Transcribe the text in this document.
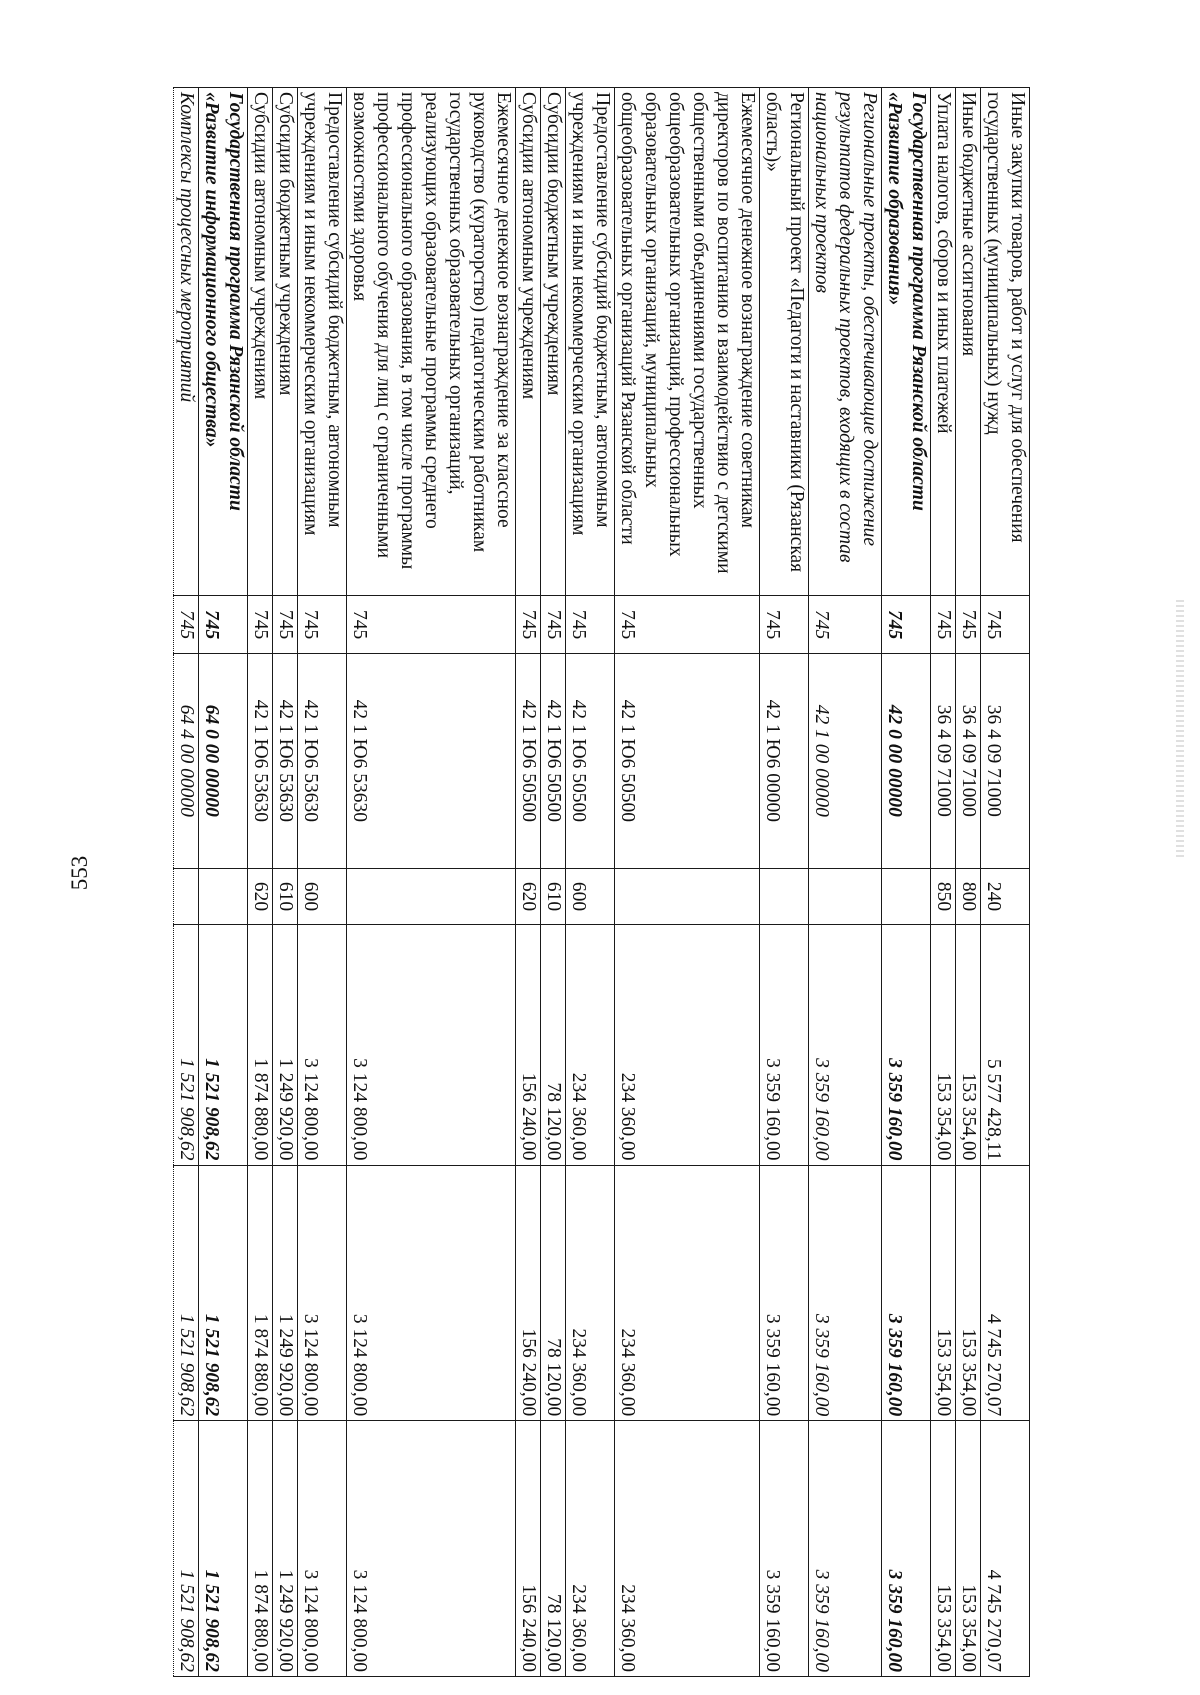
553
Иные закупки товаров, работ и услуг для обеспечения государственных (муниципальных) нужд	745	36 4 09 71000	240	5 577 428,11	4 745 270,07	4 745 270,07
Иные бюджетные ассигнования	745	36 4 09 71000	800	153 354,00	153 354,00	153 354,00
Уплата налогов, сборов и иных платежей	745	36 4 09 71000	850	153 354,00	153 354,00	153 354,00
Государственная программа Рязанской области «Развитие образования»	745	42 0 00 00000		3 359 160,00	3 359 160,00	3 359 160,00
Региональные проекты, обеспечивающие достижение результатов федеральных проектов, входящих в состав национальных проектов	745	42 1 00 00000		3 359 160,00	3 359 160,00	3 359 160,00
Региональный проект «Педагоги и наставники (Рязанская область)»	745	42 1 Ю6 00000		3 359 160,00	3 359 160,00	3 359 160,00
Ежемесячное денежное вознаграждение советникам директоров по воспитанию и взаимодействию с детскими общественными объединениями государственных общеобразовательных организаций, профессиональных образовательных организаций, муниципальных общеобразовательных организаций Рязанской области	745	42 1 Ю6 50500		234 360,00	234 360,00	234 360,00
Предоставление субсидий бюджетным, автономным учреждениям и иным некоммерческим организациям	745	42 1 Ю6 50500	600	234 360,00	234 360,00	234 360,00
Субсидии бюджетным учреждениям	745	42 1 Ю6 50500	610	78 120,00	78 120,00	78 120,00
Субсидии автономным учреждениям	745	42 1 Ю6 50500	620	156 240,00	156 240,00	156 240,00
Ежемесячное денежное вознаграждение за классное руководство (кураторство) педагогическим работникам государственных образовательных организаций, реализующих образовательные программы среднего профессионального образования, в том числе программы профессионального обучения для лиц с ограниченными возможностями здоровья	745	42 1 Ю6 53630		3 124 800,00	3 124 800,00	3 124 800,00
Предоставление субсидий бюджетным, автономным учреждениям и иным некоммерческим организациям	745	42 1 Ю6 53630	600	3 124 800,00	3 124 800,00	3 124 800,00
Субсидии бюджетным учреждениям	745	42 1 Ю6 53630	610	1 249 920,00	1 249 920,00	1 249 920,00
Субсидии автономным учреждениям	745	42 1 Ю6 53630	620	1 874 880,00	1 874 880,00	1 874 880,00
Государственная программа Рязанской области «Развитие информационного общества»	745	64 0 00 00000		1 521 908,62	1 521 908,62	1 521 908,62
Комплексы процессных мероприятий	745	64 4 00 00000		1 521 908,62	1 521 908,62	1 521 908,62
